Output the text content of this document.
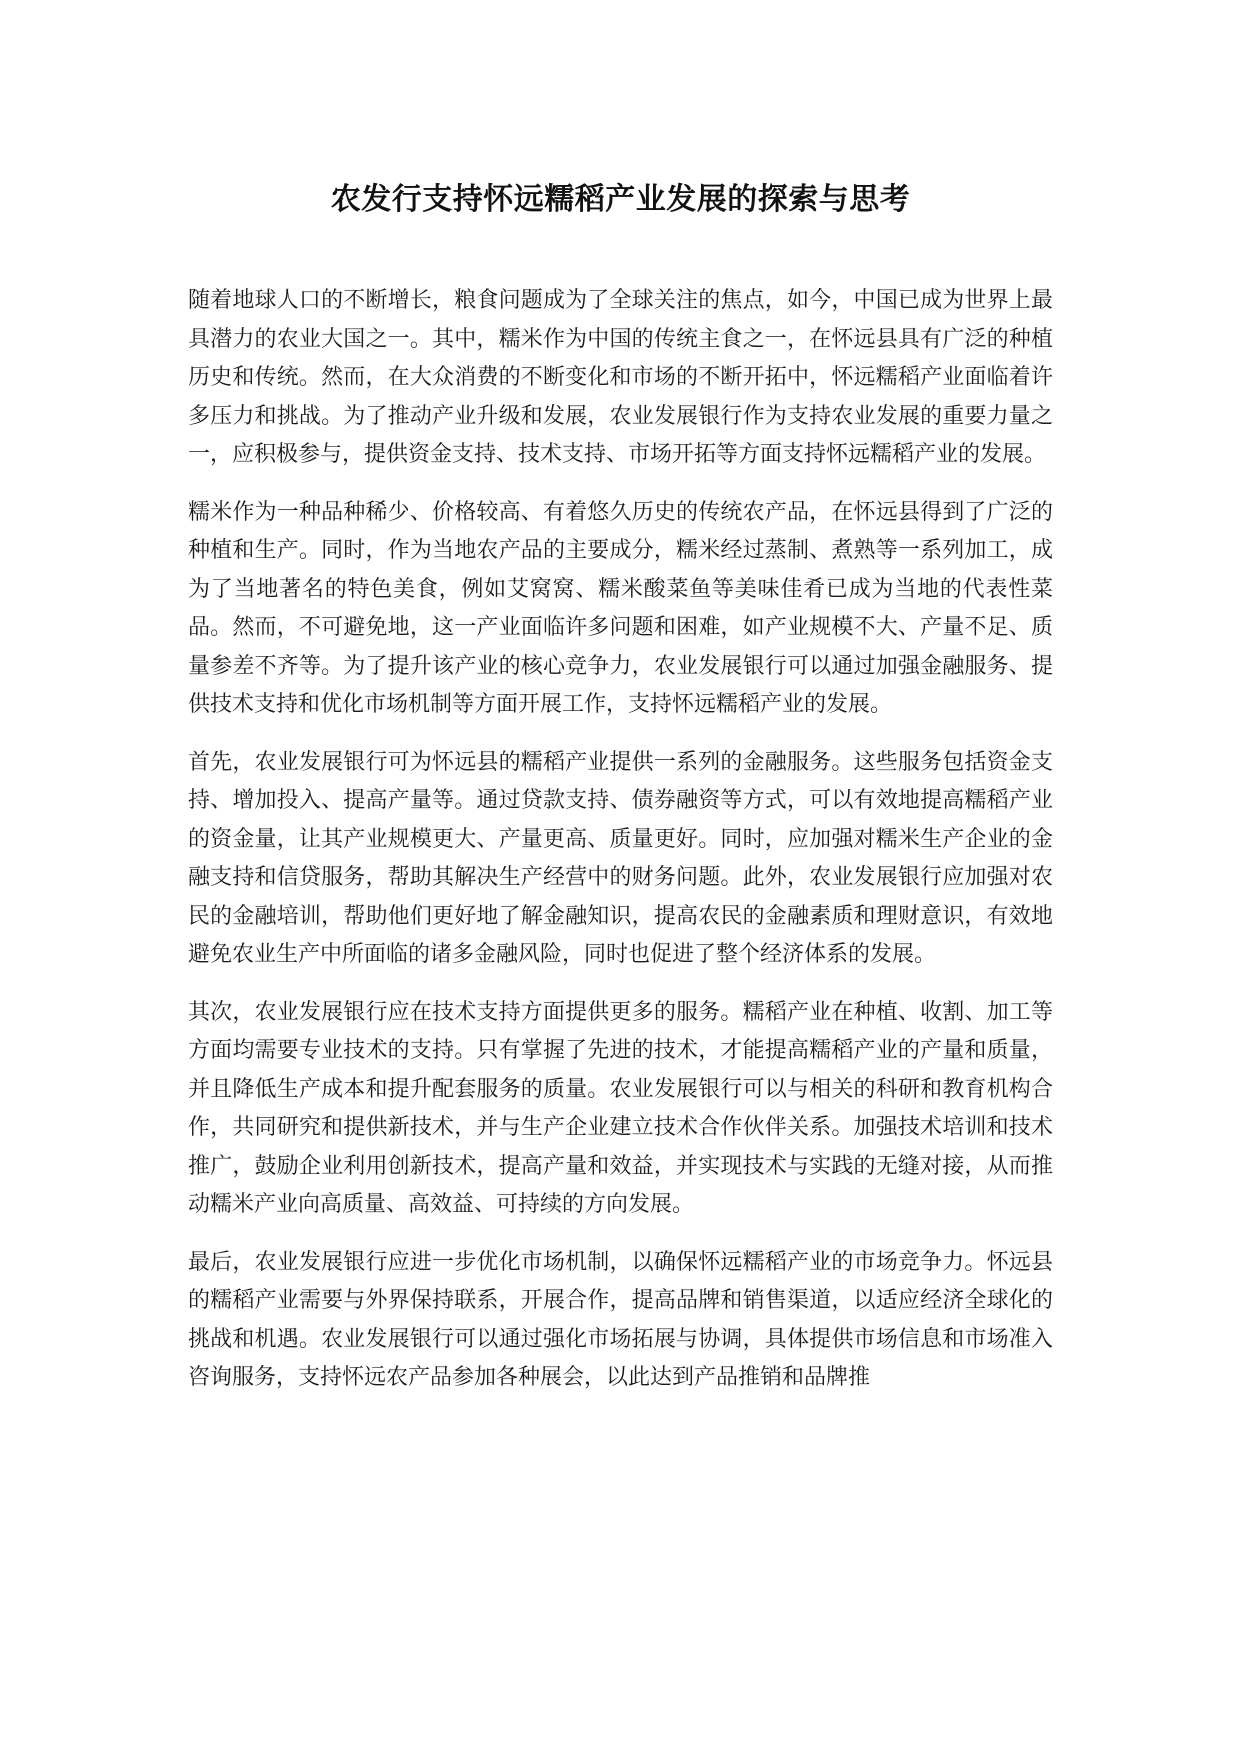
农发行支持怀远糯稻产业发展的探索与思考

随着地球人口的不断增长，粮食问题成为了全球关注的焦点，如今，中国已成为世界上最具潜力的农业大国之一。其中，糯米作为中国的传统主食之一，在怀远县具有广泛的种植历史和传统。然而，在大众消费的不断变化和市场的不断开拓中，怀远糯稻产业面临着许多压力和挑战。为了推动产业升级和发展，农业发展银行作为支持农业发展的重要力量之一，应积极参与，提供资金支持、技术支持、市场开拓等方面支持怀远糯稻产业的发展。

糯米作为一种品种稀少、价格较高、有着悠久历史的传统农产品，在怀远县得到了广泛的种植和生产。同时，作为当地农产品的主要成分，糯米经过蒸制、煮熟等一系列加工，成为了当地著名的特色美食，例如艾窝窝、糯米酸菜鱼等美味佳肴已成为当地的代表性菜品。然而，不可避免地，这一产业面临许多问题和困难，如产业规模不大、产量不足、质量参差不齐等。为了提升该产业的核心竞争力，农业发展银行可以通过加强金融服务、提供技术支持和优化市场机制等方面开展工作，支持怀远糯稻产业的发展。

首先，农业发展银行可为怀远县的糯稻产业提供一系列的金融服务。这些服务包括资金支持、增加投入、提高产量等。通过贷款支持、债券融资等方式，可以有效地提高糯稻产业的资金量，让其产业规模更大、产量更高、质量更好。同时，应加强对糯米生产企业的金融支持和信贷服务，帮助其解决生产经营中的财务问题。此外，农业发展银行应加强对农民的金融培训，帮助他们更好地了解金融知识，提高农民的金融素质和理财意识，有效地避免农业生产中所面临的诸多金融风险，同时也促进了整个经济体系的发展。

其次，农业发展银行应在技术支持方面提供更多的服务。糯稻产业在种植、收割、加工等方面均需要专业技术的支持。只有掌握了先进的技术，才能提高糯稻产业的产量和质量，并且降低生产成本和提升配套服务的质量。农业发展银行可以与相关的科研和教育机构合作，共同研究和提供新技术，并与生产企业建立技术合作伙伴关系。加强技术培训和技术推广，鼓励企业利用创新技术，提高产量和效益，并实现技术与实践的无缝对接，从而推动糯米产业向高质量、高效益、可持续的方向发展。

最后，农业发展银行应进一步优化市场机制，以确保怀远糯稻产业的市场竞争力。怀远县的糯稻产业需要与外界保持联系，开展合作，提高品牌和销售渠道，以适应经济全球化的挑战和机遇。农业发展银行可以通过强化市场拓展与协调，具体提供市场信息和市场准入咨询服务，支持怀远农产品参加各种展会，以此达到产品推销和品牌推
